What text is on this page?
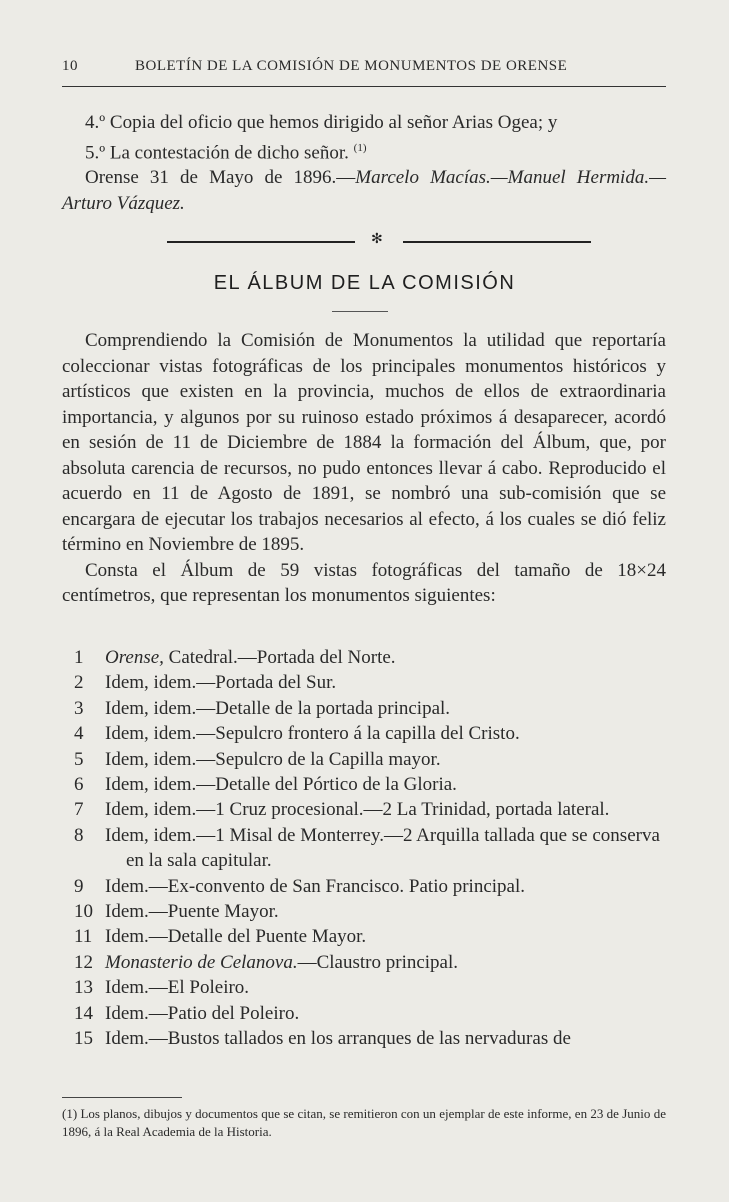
10	BOLETÍN DE LA COMISIÓN DE MONUMENTOS DE ORENSE
4.º Copia del oficio que hemos dirigido al señor Arias Ogea; y
5.º La contestación de dicho señor. $^{(1)}$
Orense 31 de Mayo de 1896.—Marcelo Macías.—Manuel Hermida.—Arturo Vázquez.
✻
EL ÁLBUM DE LA COMISIÓN
Comprendiendo la Comisión de Monumentos la utilidad que reportaría coleccionar vistas fotográficas de los principales monumentos históricos y artísticos que existen en la provincia, muchos de ellos de extraordinaria importancia, y algunos por su ruinoso estado próximos á desaparecer, acordó en sesión de 11 de Diciembre de 1884 la formación del Álbum, que, por absoluta carencia de recursos, no pudo entonces llevar á cabo. Reproducido el acuerdo en 11 de Agosto de 1891, se nombró una sub-comisión que se encargara de ejecutar los trabajos necesarios al efecto, á los cuales se dió feliz término en Noviembre de 1895.
Consta el Álbum de 59 vistas fotográficas del tamaño de 18×24 centímetros, que representan los monumentos siguientes:
1	Orense, Catedral.—Portada del Norte.
2	Idem, idem.—Portada del Sur.
3	Idem, idem.—Detalle de la portada principal.
4	Idem, idem.—Sepulcro frontero á la capilla del Cristo.
5	Idem, idem.—Sepulcro de la Capilla mayor.
6	Idem, idem.—Detalle del Pórtico de la Gloria.
7	Idem, idem.—1 Cruz procesional.—2 La Trinidad, portada lateral.
8	Idem, idem.—1 Misal de Monterrey.—2 Arquilla tallada que se conserva en la sala capitular.
9	Idem.—Ex-convento de San Francisco. Patio principal.
10 Idem.—Puente Mayor.
11 Idem.—Detalle del Puente Mayor.
12 Monasterio de Celanova.—Claustro principal.
13 Idem.—El Poleiro.
14 Idem.—Patio del Poleiro.
15 Idem.—Bustos tallados en los arranques de las nervaduras de
(1) Los planos, dibujos y documentos que se citan, se remitieron con un ejemplar de este informe, en 23 de Junio de 1896, á la Real Academia de la Historia.
